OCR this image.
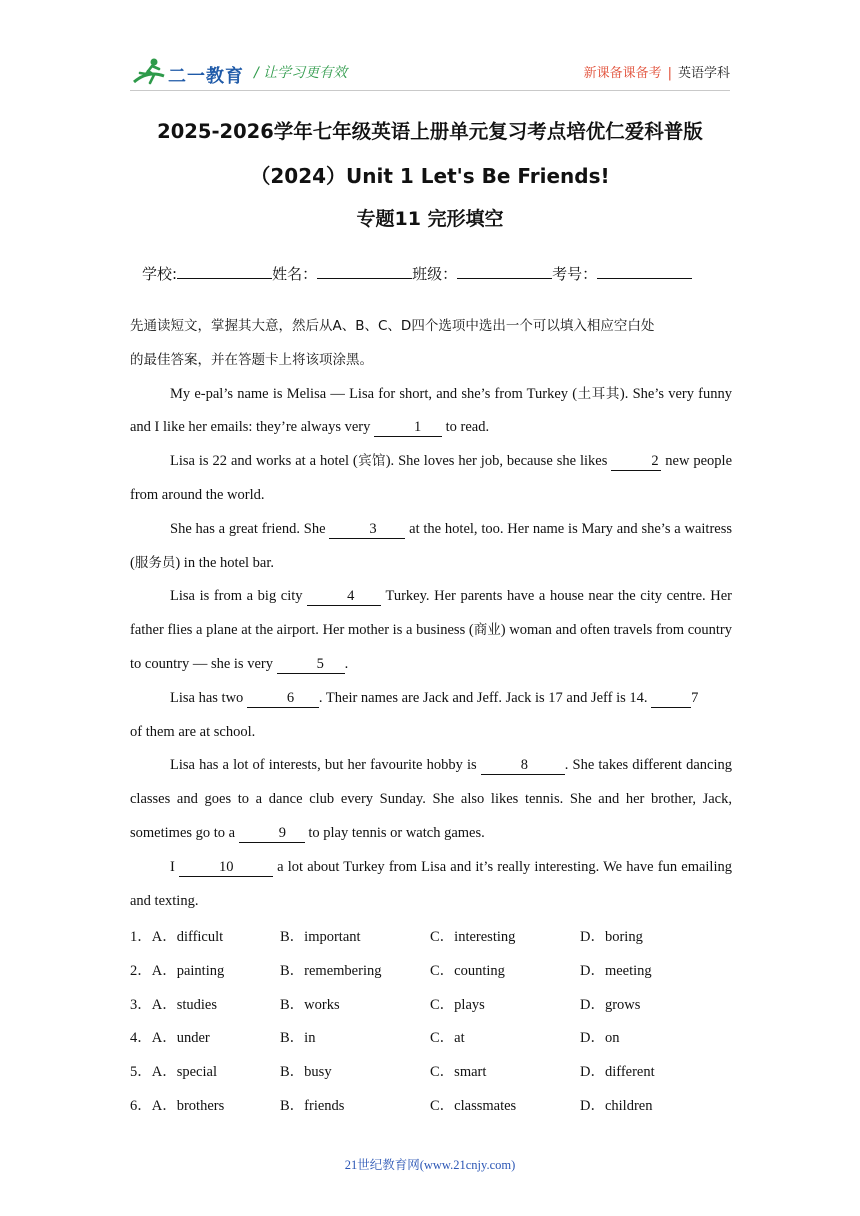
二一教育 / 让学习更有效	新课备课备考 | 英语学科
2025-2026学年七年级英语上册单元复习考点培优仁爱科普版
（2024）Unit 1 Let's Be Friends!
专题11 完形填空
学校:	姓名：	班级：	考号：

先通读短文，掌握其大意，然后从A、B、C、D四个选项中选出一个可以填入相应空白处
的最佳答案，并在答题卡上将该项涂黑。

My e-pal’s name is Melisa — Lisa for short, and she’s from Turkey (土耳其). She’s very funny and I like her emails: they’re always very	1 to read.

Lisa is 22 and works at a hotel (宾馆). She loves her job, because she likes	2 new people from around the world.

She has a great friend. She	3 at the hotel, too. Her name is Mary and she’s a waitress (服务员) in the hotel bar.

Lisa is from a big city	4 Turkey. Her parents have a house near the city centre. Her father flies a plane at the airport. Her mother is a business (商业) woman and often travels from country to country — she is very	5 .

Lisa has two	6 . Their names are Jack and Jeff. Jack is 17 and Jeff is 14.	7
of them are at school.

Lisa has a lot of interests, but her favourite hobby is	8	. She takes different dancing classes and goes to a dance club every Sunday. She also likes tennis. She and her brother, Jack, sometimes go to a	9 to play tennis or watch games.

I	10	a lot about Turkey from Lisa and it’s really interesting. We have fun emailing and texting.

1．A．difficult	B．important	C．interesting	D．boring
2．A．painting	B．remembering	C．counting	D．meeting
3．A．studies	B．works	C．plays	D．grows
4．A．under	B．in	C．at	D．on
5．A．special	B．busy	C．smart	D．different
6．A．brothers	B．friends	C．classmates	D．children
21世纪教育网(www.21cnjy.com)
